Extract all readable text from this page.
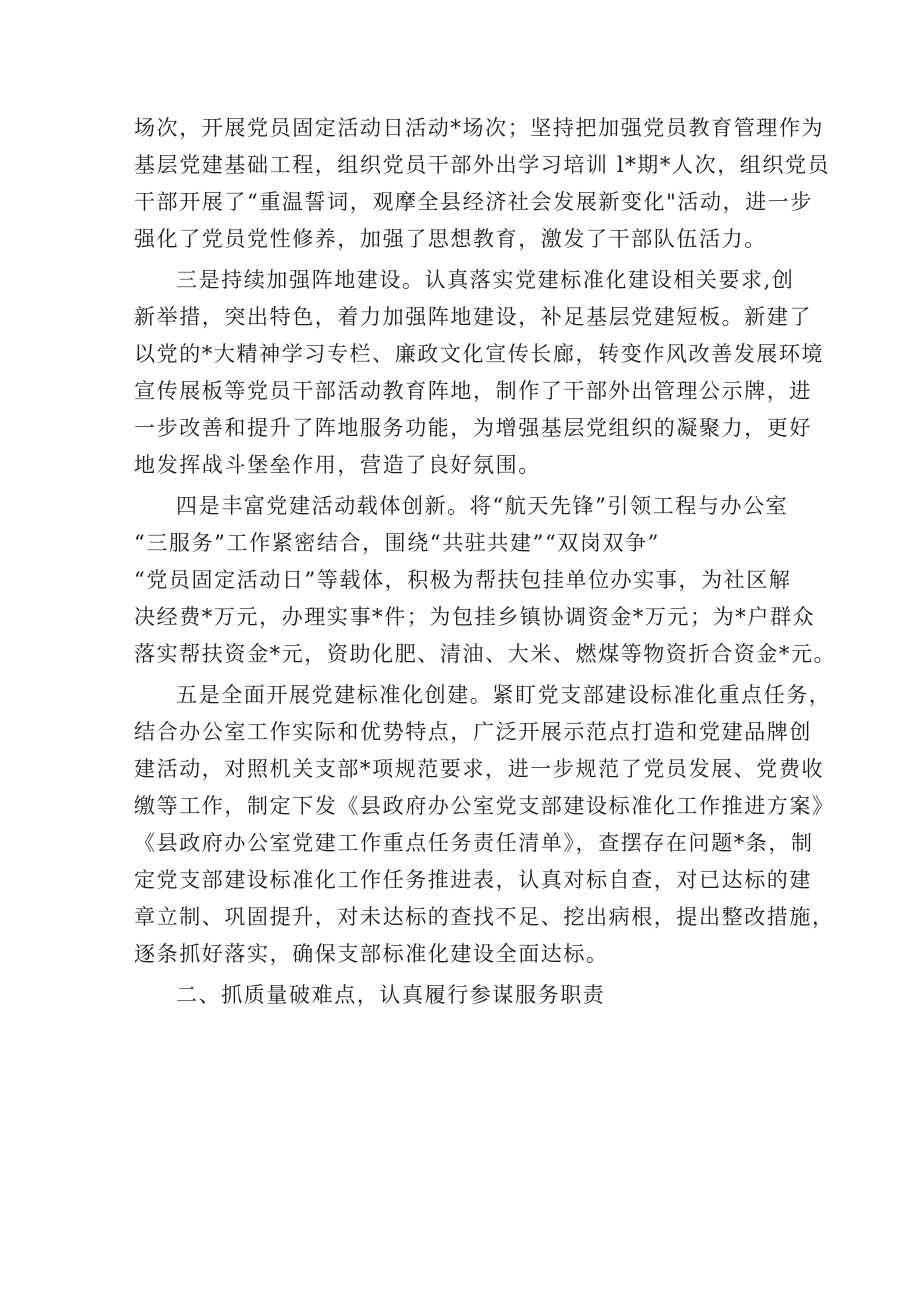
场次，开展党员固定活动日活动*场次；坚持把加强党员教育管理作为
基层党建基础工程，组织党员干部外出学习培训 l*期*人次，组织党员
干部开展了“重温誓词，观摩全县经济社会发展新变化"活动，进一步
强化了党员党性修养，加强了思想教育，激发了干部队伍活力。
三是持续加强阵地建设。认真落实党建标准化建设相关要求,创
新举措，突出特色，着力加强阵地建设，补足基层党建短板。新建了
以党的*大精神学习专栏、廉政文化宣传长廊，转变作风改善发展环境
宣传展板等党员干部活动教育阵地，制作了干部外出管理公示牌，进
一步改善和提升了阵地服务功能，为增强基层党组织的凝聚力，更好
地发挥战斗堡垒作用，营造了良好氛围。
四是丰富党建活动载体创新。将“航天先锋”引领工程与办公室
“三服务”工作紧密结合，围绕“共驻共建”“双岗双争”
“党员固定活动日”等载体，积极为帮扶包挂单位办实事，为社区解
决经费*万元，办理实事*件；为包挂乡镇协调资金*万元；为*户群众
落实帮扶资金*元，资助化肥、清油、大米、燃煤等物资折合资金*元。
五是全面开展党建标准化创建。紧盯党支部建设标准化重点任务，
结合办公室工作实际和优势特点，广泛开展示范点打造和党建品牌创
建活动，对照机关支部*项规范要求，进一步规范了党员发展、党费收
缴等工作，制定下发《县政府办公室党支部建设标准化工作推进方案》
《县政府办公室党建工作重点任务责任清单》，查摆存在问题*条，制
定党支部建设标准化工作任务推进表，认真对标自查，对已达标的建
章立制、巩固提升，对未达标的查找不足、挖出病根，提出整改措施，
逐条抓好落实，确保支部标准化建设全面达标。
二、抓质量破难点，认真履行参谋服务职责
